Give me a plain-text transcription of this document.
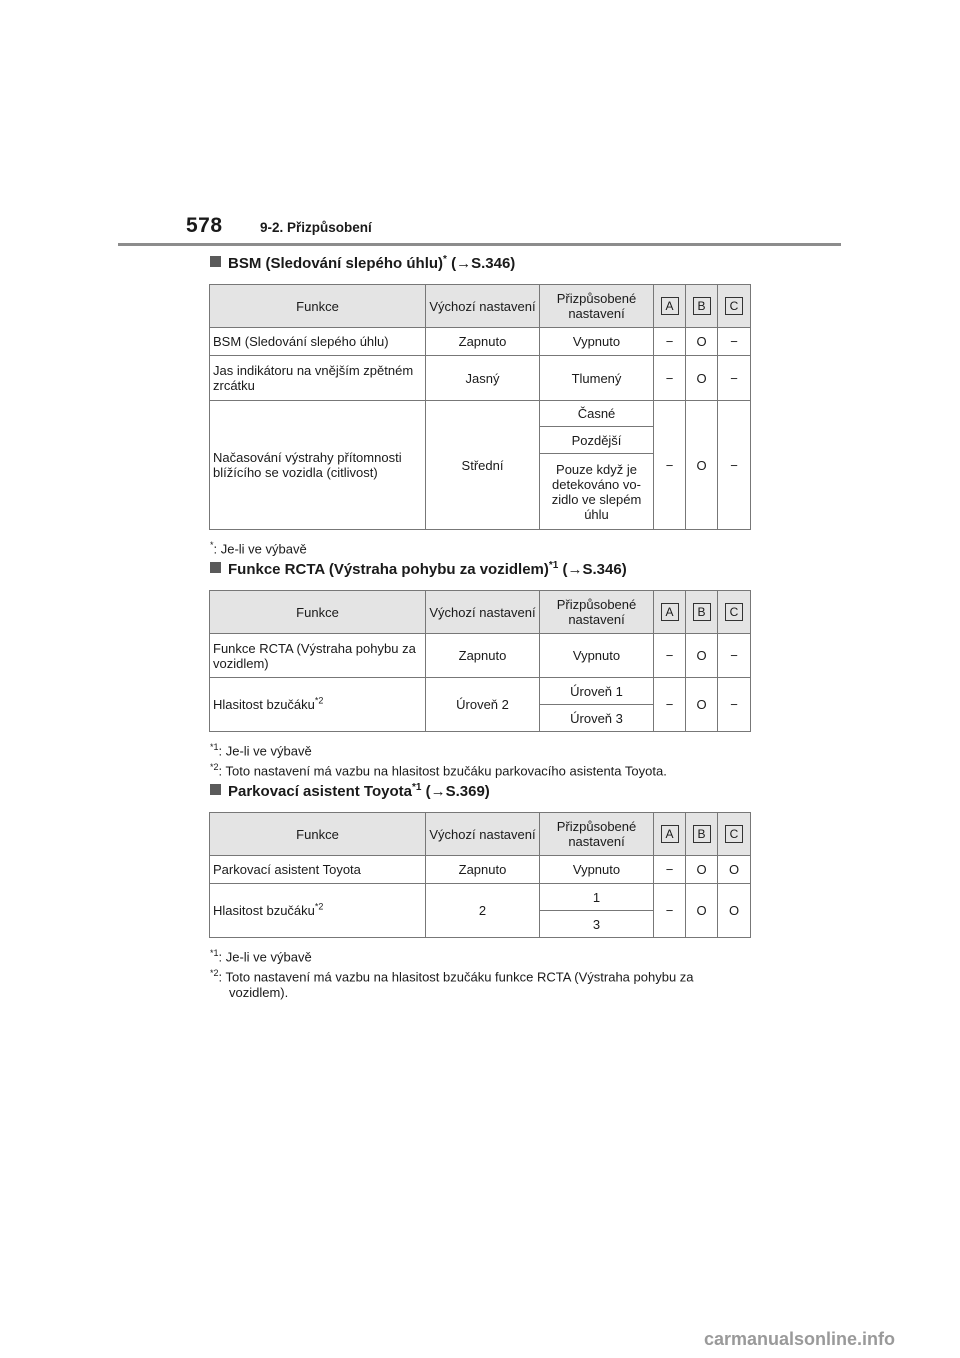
578	9-2. Přizpůsobení
BSM (Sledování slepého úhlu)* (→S.346)
Funkce	Výchozí nastavení	Přizpůsobené nastavení	A	B	C
BSM (Sledování slepého úhlu)	Zapnuto	Vypnuto	−	O	−
Jas indikátoru na vnějším zpětném zrcátku	Jasný	Tlumený	−	O	−
Načasování výstrahy přítomnosti blížícího se vozidla (citlivost)	Střední	Časné	−	O	−
		Pozdější			
		Pouze když je detekováno vozidlo ve slepém úhlu			
*: Je-li ve výbavě
Funkce RCTA (Výstraha pohybu za vozidlem)$^{*1}$ (→S.346)
Funkce	Výchozí nastavení	Přizpůsobené nastavení	A	B	C
Funkce RCTA (Výstraha pohybu za vozidlem)	Zapnuto	Vypnuto	−	O	−
Hlasitost bzučáku$^{*2}$	Úroveň 2	Úroveň 1	−	O	−
		Úroveň 3			
$^{*1}$: Je-li ve výbavě
$^{*2}$: Toto nastavení má vazbu na hlasitost bzučáku parkovacího asistenta Toyota.
Parkovací asistent Toyota$^{*1}$ (→S.369)
Funkce	Výchozí nastavení	Přizpůsobené nastavení	A	B	C
Parkovací asistent Toyota	Zapnuto	Vypnuto	−	O	O
Hlasitost bzučáku$^{*2}$	2	1	−	O	O
		3			
$^{*1}$: Je-li ve výbavě
$^{*2}$: Toto nastavení má vazbu na hlasitost bzučáku funkce RCTA (Výstraha pohybu za
vozidlem).
carmanualsonline.info
